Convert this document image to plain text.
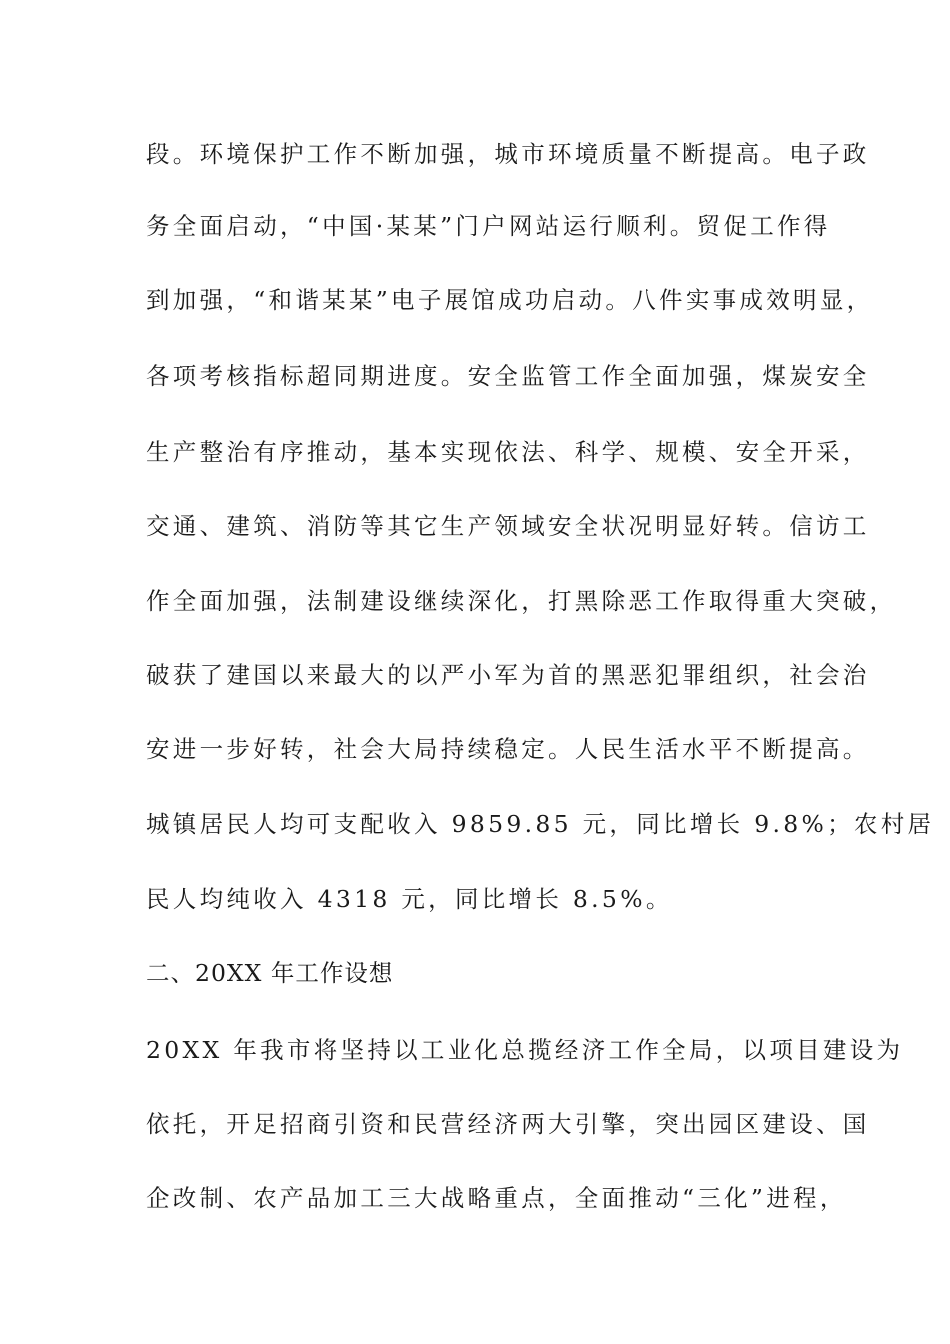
段。环境保护工作不断加强，城市环境质量不断提高。电子政
务全面启动，“中国·某某”门户网站运行顺利。贸促工作得
到加强，“和谐某某”电子展馆成功启动。八件实事成效明显，
各项考核指标超同期进度。安全监管工作全面加强，煤炭安全
生产整治有序推动，基本实现依法、科学、规模、安全开采，
交通、建筑、消防等其它生产领域安全状况明显好转。信访工
作全面加强，法制建设继续深化，打黑除恶工作取得重大突破，
破获了建国以来最大的以严小军为首的黑恶犯罪组织，社会治
安进一步好转，社会大局持续稳定。人民生活水平不断提高。
城镇居民人均可支配收入 9859.85 元，同比增长 9.8%；农村居
民人均纯收入 4318 元，同比增长 8.5%。
二、20XX 年工作设想
20XX 年我市将坚持以工业化总揽经济工作全局，以项目建设为
依托，开足招商引资和民营经济两大引擎，突出园区建设、国
企改制、农产品加工三大战略重点，全面推动“三化”进程，
